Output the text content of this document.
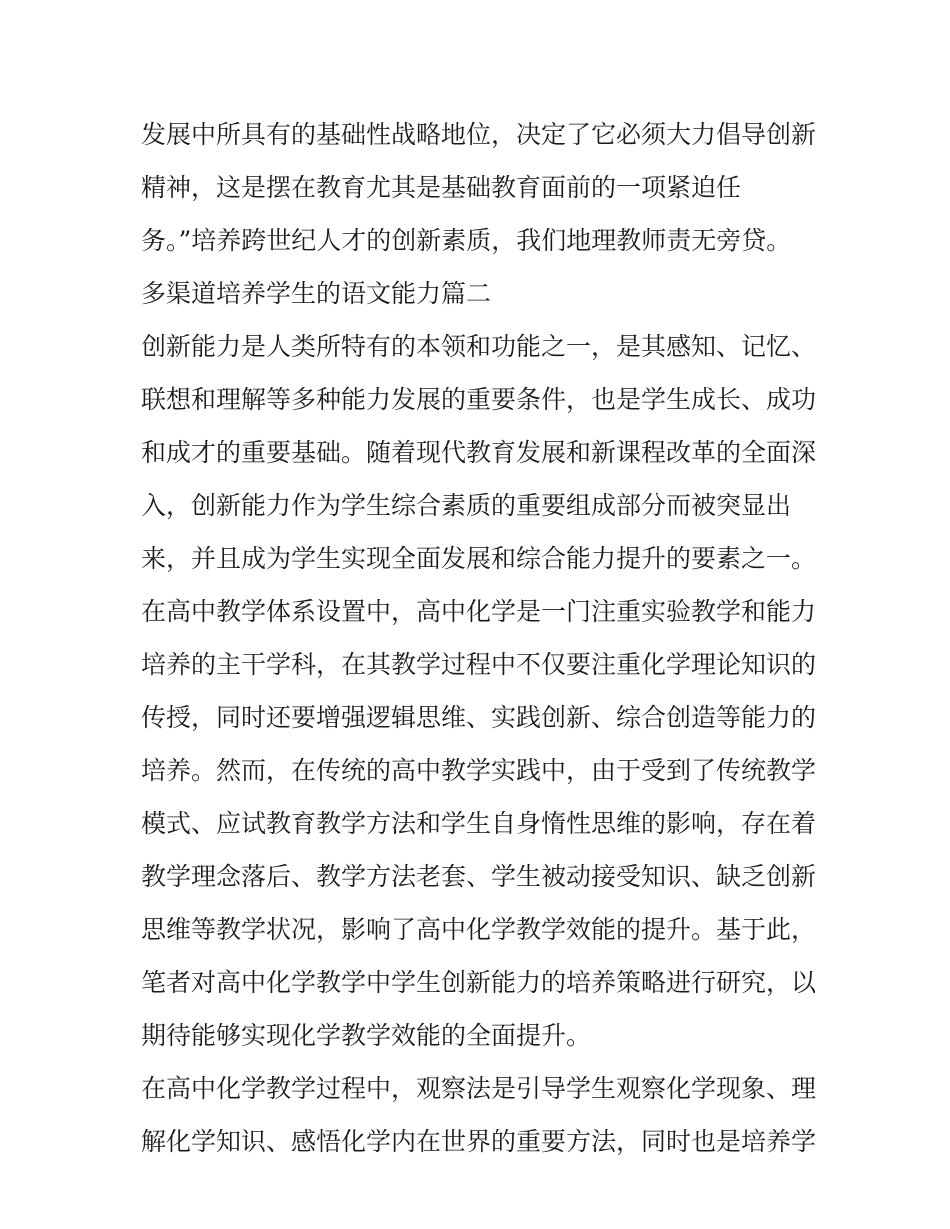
发展中所具有的基础性战略地位，决定了它必须大力倡导创新
精神，这是摆在教育尤其是基础教育面前的一项紧迫任
务。”培养跨世纪人才的创新素质，我们地理教师责无旁贷。
多渠道培养学生的语文能力篇二
创新能力是人类所特有的本领和功能之一，是其感知、记忆、
联想和理解等多种能力发展的重要条件，也是学生成长、成功
和成才的重要基础。随着现代教育发展和新课程改革的全面深
入，创新能力作为学生综合素质的重要组成部分而被突显出
来，并且成为学生实现全面发展和综合能力提升的要素之一。
在高中教学体系设置中，高中化学是一门注重实验教学和能力
培养的主干学科，在其教学过程中不仅要注重化学理论知识的
传授，同时还要增强逻辑思维、实践创新、综合创造等能力的
培养。然而，在传统的高中教学实践中，由于受到了传统教学
模式、应试教育教学方法和学生自身惰性思维的影响，存在着
教学理念落后、教学方法老套、学生被动接受知识、缺乏创新
思维等教学状况，影响了高中化学教学效能的提升。基于此，
笔者对高中化学教学中学生创新能力的培养策略进行研究，以
期待能够实现化学教学效能的全面提升。
在高中化学教学过程中，观察法是引导学生观察化学现象、理
解化学知识、感悟化学内在世界的重要方法，同时也是培养学
